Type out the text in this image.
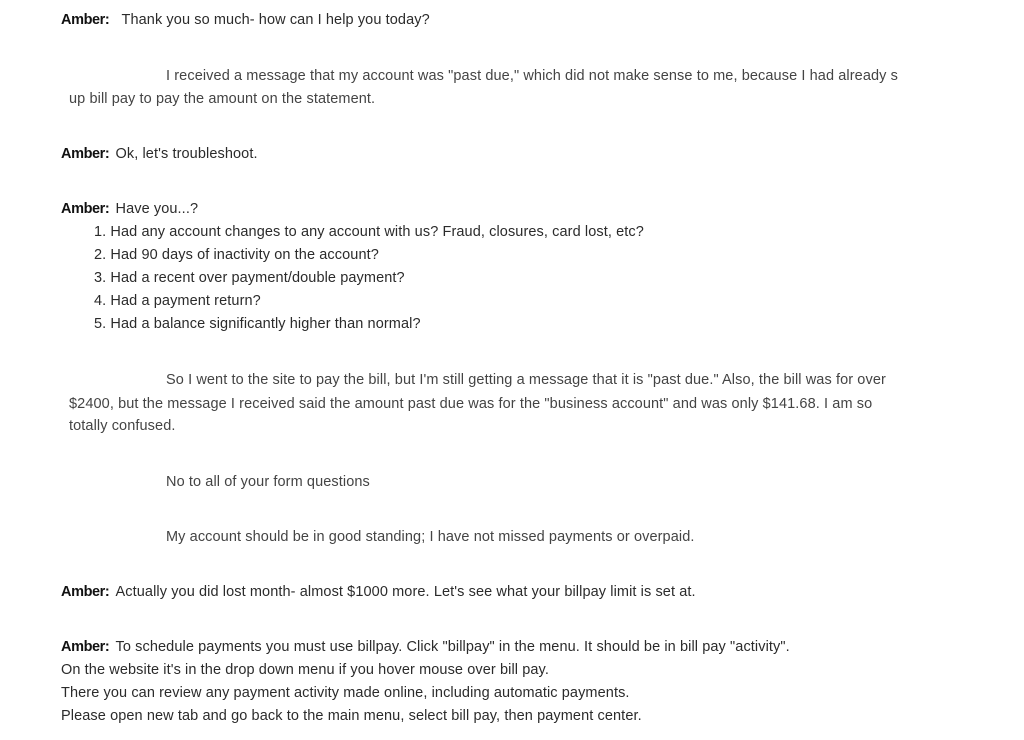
Amber: Thank you so much- how can I help you today?
I received a message that my account was "past due," which did not make sense to me, because I had already s
up bill pay to pay the amount on the statement.
Amber: Ok, let's troubleshoot.
Amber: Have you...?
1. Had any account changes to any account with us? Fraud, closures, card lost, etc?
2. Had 90 days of inactivity on the account?
3. Had a recent over payment/double payment?
4. Had a payment return?
5. Had a balance significantly higher than normal?
So I went to the site to pay the bill, but I'm still getting a message that it is "past due." Also, the bill was for over
$2400, but the message I received said the amount past due was for the "business account" and was only $141.68. I am so
totally confused.
No to all of your form questions
My account should be in good standing; I have not missed payments or overpaid.
Amber: Actually you did lost month- almost $1000 more. Let's see what your billpay limit is set at.
Amber: To schedule payments you must use billpay. Click "billpay" in the menu. It should be in bill pay "activity".
On the website it's in the drop down menu if you hover mouse over bill pay.
There you can review any payment activity made online, including automatic payments.
Please open new tab and go back to the main menu, select bill pay, then payment center.
